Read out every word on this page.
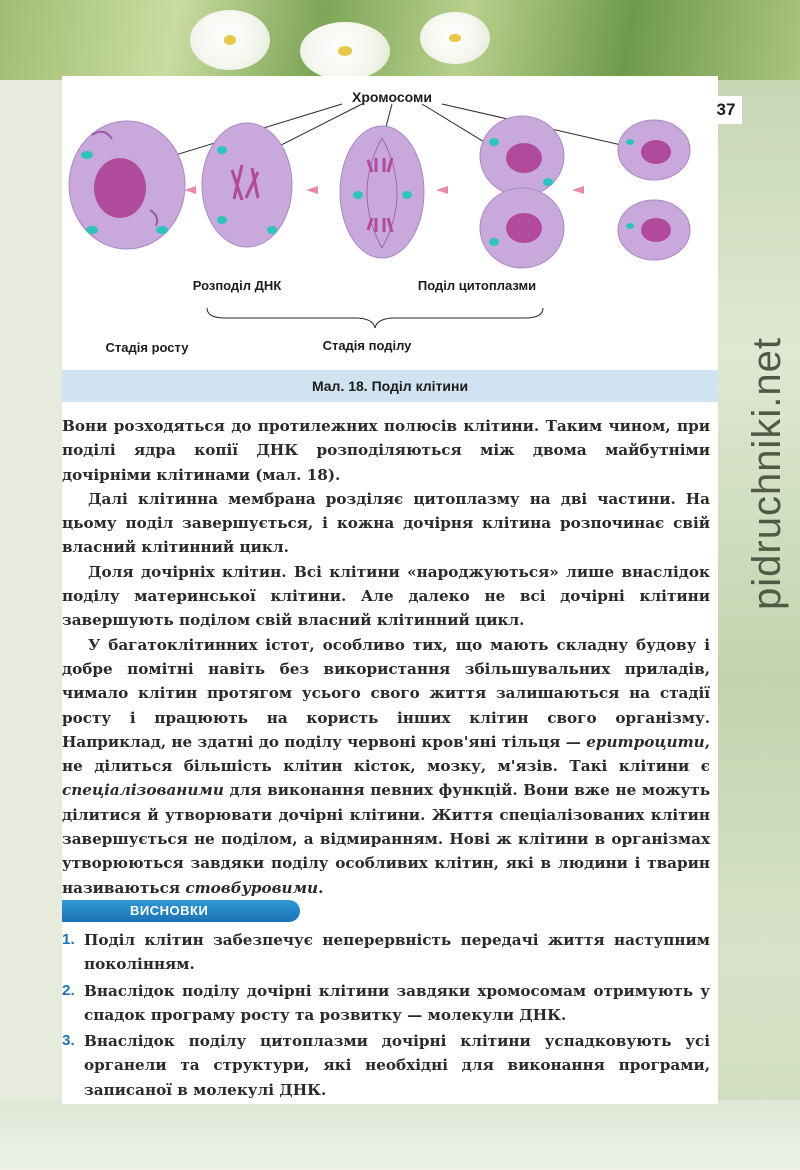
37
pidruchniki.net
Хромосоми
Розподіл ДНК	Поділ цитоплазми
Стадія росту	Стадія поділу
Мал. 18. Поділ клітини

Вони розходяться до протилежних полюсів клітини. Таким чином, при поділі ядра копії ДНК розподіляються між двома майбутніми дочірніми клітинами (мал. 18).

Далі клітинна мембрана розділяє цитоплазму на дві частини. На цьому поділ завершується, і кожна дочірня клітина розпочинає свій власний клітинний цикл.

Доля дочірніх клітин. Всі клітини «народжуються» лише внаслідок поділу материнської клітини. Але далеко не всі дочірні клітини завершують поділом свій власний клітинний цикл.

У багатоклітинних істот, особливо тих, що мають складну будову і добре помітні навіть без використання збільшувальних приладів, чимало клітин протягом усього свого життя залишаються на стадії росту і працюють на користь інших клітин свого організму. Наприклад, не здатні до поділу червоні кров'яні тільця — еритроцити, не ділиться більшість клітин кісток, мозку, м'язів. Такі клітини є спеціалізованими для виконання певних функцій. Вони вже не можуть ділитися й утворювати дочірні клітини. Життя спеціалізованих клітин завершується не поділом, а відмиранням. Нові ж клітини в організмах утворюються завдяки поділу особливих клітин, які в людини і тварин називаються стовбуровими.

ВИСНОВКИ
1. Поділ клітин забезпечує неперервність передачі життя наступним поколінням.
2. Внаслідок поділу дочірні клітини завдяки хромосомам отримують у спадок програму росту та розвитку — молекули ДНК.
3. Внаслідок поділу цитоплазми дочірні клітини успадковують усі органели та структури, які необхідні для виконання програми, записаної в молекулі ДНК.
